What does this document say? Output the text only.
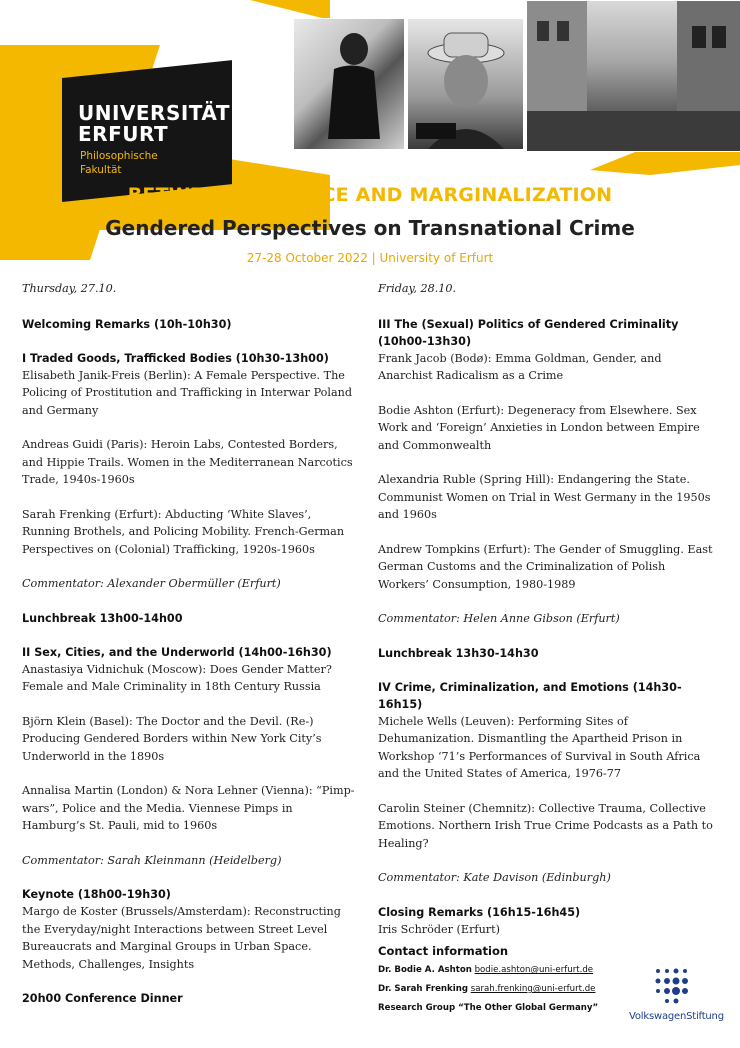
UNIVERSITÄT
ERFURT
Philosophische
Fakultät
BETWEEN DEVIANCE AND MARGINALIZATION
Gendered Perspectives on Transnational Crime
27-28 October 2022 | University of Erfurt
Thursday, 27.10.
Welcoming Remarks (10h-10h30)
I Traded Goods, Trafficked Bodies (10h30-13h00)
Elisabeth Janik-Freis (Berlin): A Female Perspective. The Policing of Prostitution and Trafficking in Interwar Poland and Germany
Andreas Guidi (Paris): Heroin Labs, Contested Borders, and Hippie Trails. Women in the Mediterranean Narcotics Trade, 1940s-1960s
Sarah Frenking (Erfurt): Abducting ‘White Slaves’, Running Brothels, and Policing Mobility. French-German Perspectives on (Colonial) Trafficking, 1920s-1960s
Commentator: Alexander Obermüller (Erfurt)
Lunchbreak 13h00-14h00
II Sex, Cities, and the Underworld (14h00-16h30)
Anastasiya Vidnichuk (Moscow): Does Gender Matter? Female and Male Criminality in 18th Century Russia
Björn Klein (Basel): The Doctor and the Devil. (Re-) Producing Gendered Borders within New York City’s Underworld in the 1890s
Annalisa Martin (London) & Nora Lehner (Vienna): “Pimp-wars”, Police and the Media. Viennese Pimps in Hamburg’s St. Pauli, mid to 1960s
Commentator: Sarah Kleinmann (Heidelberg)
Keynote (18h00-19h30)
Margo de Koster (Brussels/Amsterdam): Reconstructing the Everyday/night Interactions between Street Level Bureaucrats and Marginal Groups in Urban Space. Methods, Challenges, Insights
20h00 Conference Dinner
Friday, 28.10.
III The (Sexual) Politics of Gendered Criminality (10h00-13h30)
Frank Jacob (Bodø): Emma Goldman, Gender, and Anarchist Radicalism as a Crime
Bodie Ashton (Erfurt): Degeneracy from Elsewhere. Sex Work and ‘Foreign’ Anxieties in London between Empire and Commonwealth
Alexandria Ruble (Spring Hill): Endangering the State. Communist Women on Trial in West Germany in the 1950s and 1960s
Andrew Tompkins (Erfurt): The Gender of Smuggling. East German Customs and the Criminalization of Polish Workers’ Consumption, 1980-1989
Commentator: Helen Anne Gibson (Erfurt)
Lunchbreak 13h30-14h30
IV Crime, Criminalization, and Emotions (14h30-16h15)
Michele Wells (Leuven): Performing Sites of Dehumanization. Dismantling the Apartheid Prison in Workshop ‘71’s Performances of Survival in South Africa and the United States of America, 1976-77
Carolin Steiner (Chemnitz): Collective Trauma, Collective Emotions. Northern Irish True Crime Podcasts as a Path to Healing?
Commentator: Kate Davison (Edinburgh)
Closing Remarks (16h15-16h45)
Iris Schröder (Erfurt)
Contact information
Dr. Bodie A. Ashton bodie.ashton@uni-erfurt.de
Dr. Sarah Frenking sarah.frenking@uni-erfurt.de
Research Group “The Other Global Germany”
VolkswagenStiftung
